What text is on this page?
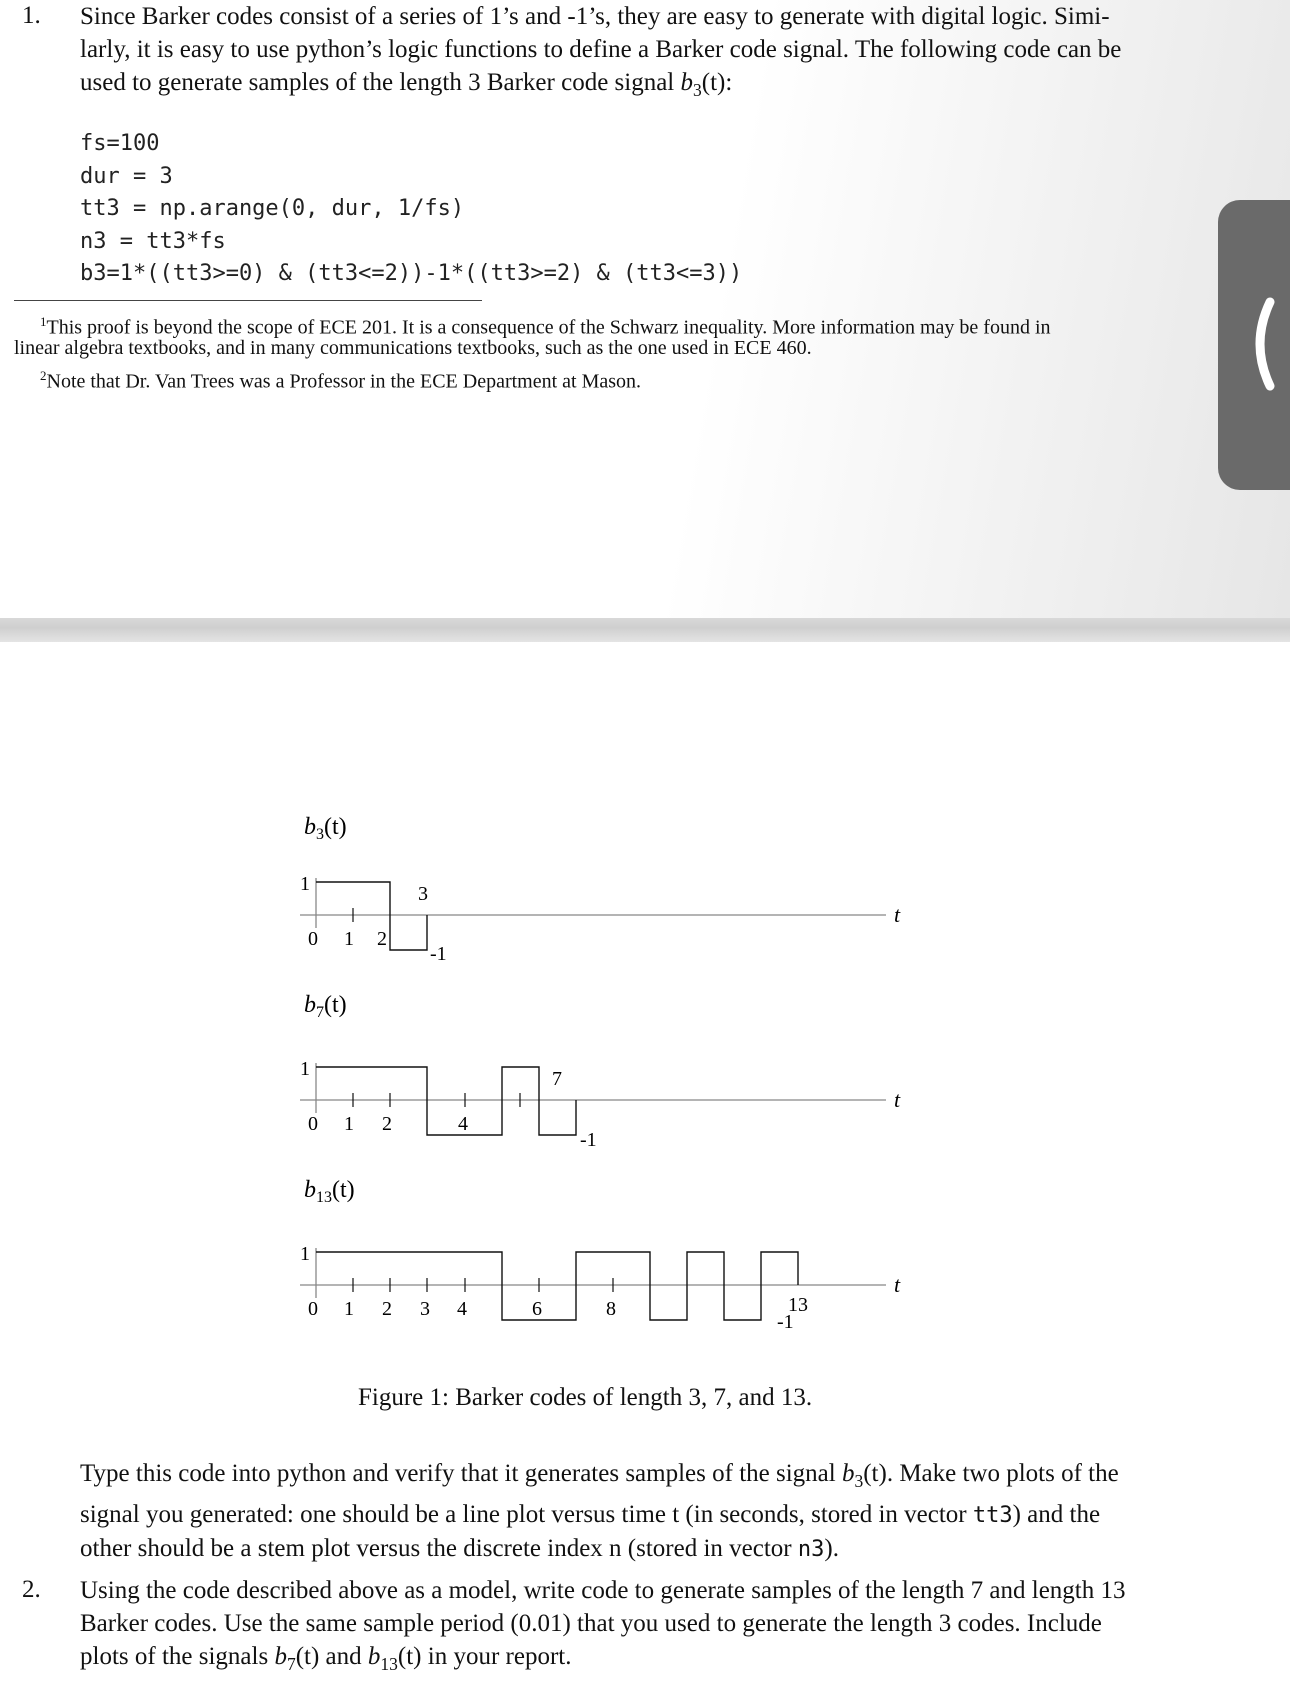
1. Since Barker codes consist of a series of 1’s and -1’s, they are easy to generate with digital logic. Simi-
larly, it is easy to use python’s logic functions to define a Barker code signal. The following code can be
used to generate samples of the length 3 Barker code signal $b_3(t)$:

fs=100
dur = 3
tt3 = np.arange(0, dur, 1/fs)
n3 = tt3*fs
b3=1*((tt3>=0) & (tt3<=2))-1*((tt3>=2) & (tt3<=3))

$^1$This proof is beyond the scope of ECE 201. It is a consequence of the Schwarz inequality. More information may be found in

linear algebra textbooks, and in many communications textbooks, such as the one used in ECE 460.

$^2$Note that Dr. Van Trees was a Professor in the ECE Department at Mason.

$b_3(t)$
t
1
0 1 2
3
-1
$b_7(t)$
t
1
0 1 2	4
7
-1
$b_{13}(t)$
t
1
0 1 2 3 4	6	8	13
-1
Figure 1: Barker codes of length 3, 7, and 13.

Type this code into python and verify that it generates samples of the signal $b_3(t)$. Make two plots of the
signal you generated: one should be a line plot versus time t (in seconds, stored in vector tt3) and the
other should be a stem plot versus the discrete index n (stored in vector n3).

2. Using the code described above as a model, write code to generate samples of the length 7 and length 13
Barker codes. Use the same sample period (0.01) that you used to generate the length 3 codes. Include
plots of the signals $b_7(t)$ and $b_{13}(t)$ in your report.
